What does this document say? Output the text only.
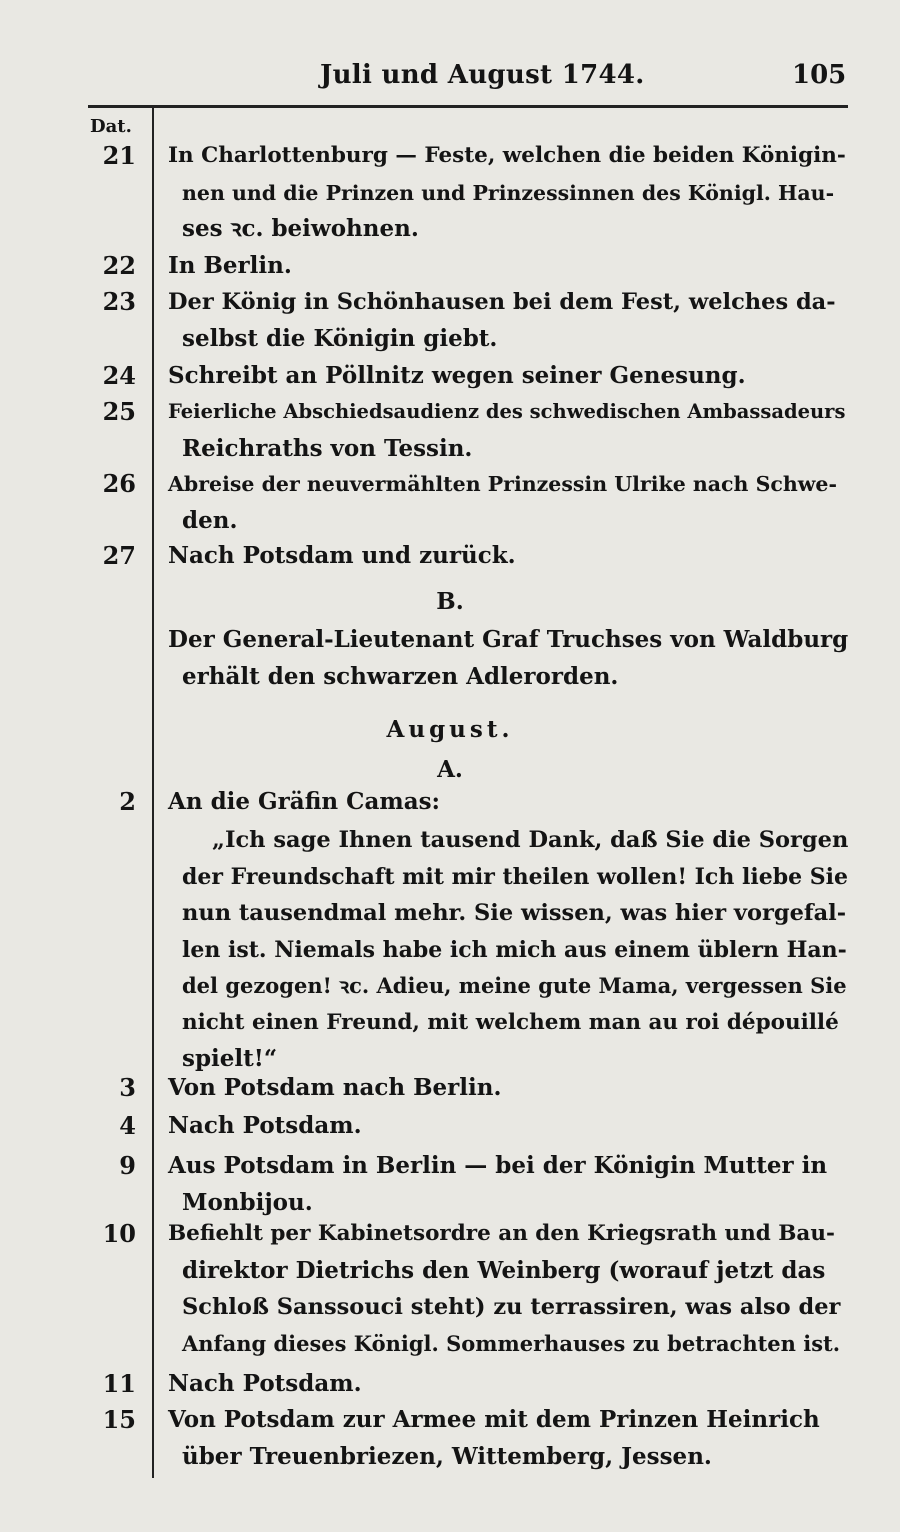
Juli und August 1744.	105
Dat.
21 In Charlottenburg — Feste, welchen die beiden Königin-
nen und die Prinzen und Prinzessinnen des Königl. Hau-
ses ꝛc. beiwohnen.
22 In Berlin.
23 Der König in Schönhausen bei dem Fest, welches da-
selbst die Königin giebt.
24 Schreibt an Pöllnitz wegen seiner Genesung.
25 Feierliche Abschiedsaudienz des schwedischen Ambassadeurs
Reichraths von Tessin.
26 Abreise der neuvermählten Prinzessin Ulrike nach Schwe-
den.
27 Nach Potsdam und zurück.
B.
Der General-Lieutenant Graf Truchses von Waldburg
erhält den schwarzen Adlerorden.
August.
A.
2 An die Gräfin Camas:
„Ich sage Ihnen tausend Dank, daß Sie die Sorgen
der Freundschaft mit mir theilen wollen! Ich liebe Sie
nun tausendmal mehr. Sie wissen, was hier vorgefal-
len ist. Niemals habe ich mich aus einem üblern Han-
del gezogen! ꝛc. Adieu, meine gute Mama, vergessen Sie
nicht einen Freund, mit welchem man au roi dépouillé
spielt!“
3 Von Potsdam nach Berlin.
4 Nach Potsdam.
9 Aus Potsdam in Berlin — bei der Königin Mutter in
Monbijou.
10 Befiehlt per Kabinetsordre an den Kriegsrath und Bau-
direktor Dietrichs den Weinberg (worauf jetzt das
Schloß Sanssouci steht) zu terrassiren, was also der
Anfang dieses Königl. Sommerhauses zu betrachten ist.
11 Nach Potsdam.
15 Von Potsdam zur Armee mit dem Prinzen Heinrich
über Treuenbriezen, Wittemberg, Jessen.
